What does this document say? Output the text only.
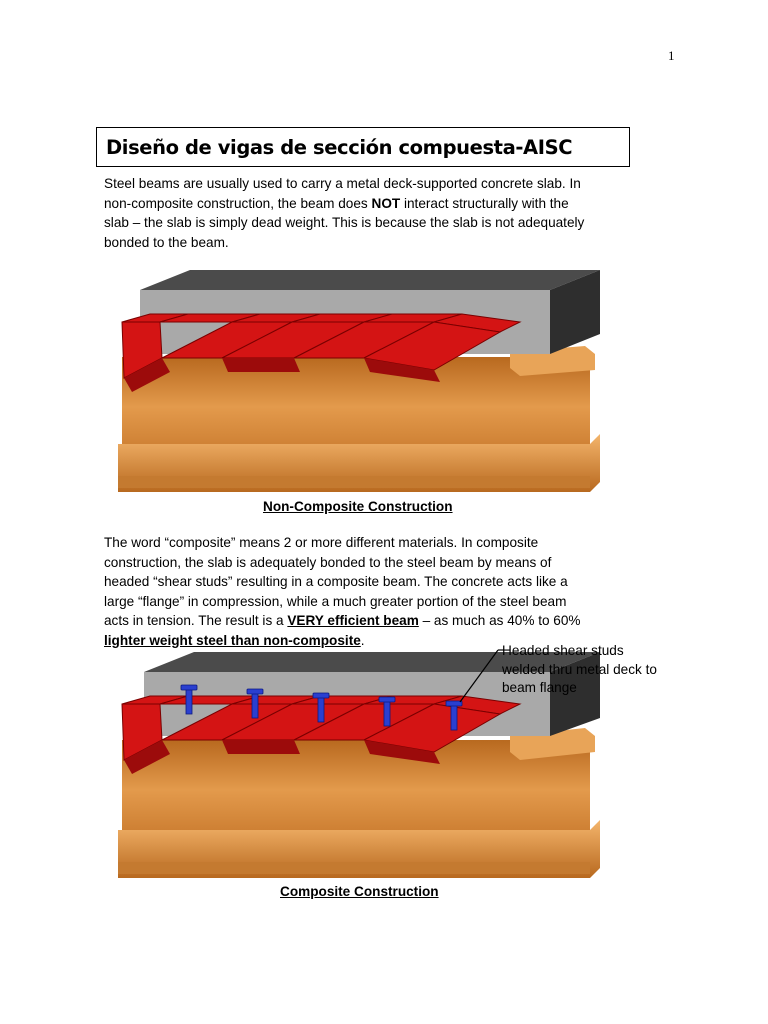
1
Diseño de vigas de sección compuesta-AISC
Steel beams are usually used to carry a metal deck-supported concrete slab. In
non-composite construction, the beam does NOT interact structurally with the
slab – the slab is simply dead weight. This is because the slab is not adequately
bonded to the beam.
Non-Composite Construction
The word “composite” means 2 or more different materials. In composite
construction, the slab is adequately bonded to the steel beam by means of
headed “shear studs” resulting in a composite beam. The concrete acts like a
large “flange” in compression, while a much greater portion of the steel beam
acts in tension. The result is a VERY efficient beam – as much as 40% to 60%
lighter weight steel than non-composite.
Headed shear studs
welded thru metal deck to
beam flange
Composite Construction
